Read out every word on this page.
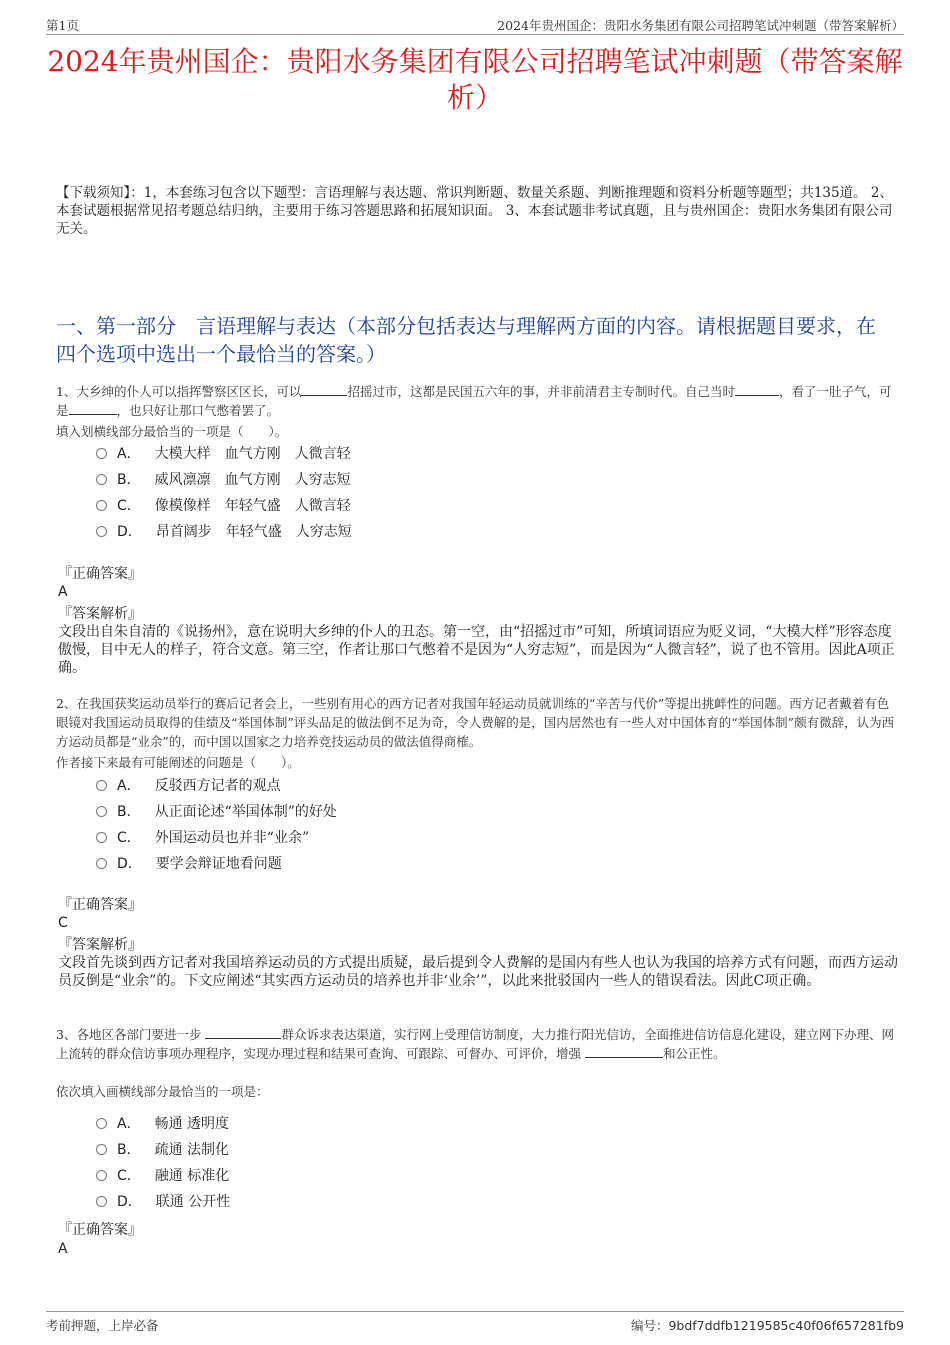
第1页	2024年贵州国企：贵阳水务集团有限公司招聘笔试冲刺题（带答案解析）
2024年贵州国企：贵阳水务集团有限公司招聘笔试冲刺题（带答案解析）
【下载须知】：1，本套练习包含以下题型：言语理解与表达题、常识判断题、数量关系题、判断推理题和资料分析题等题型；共135道。 2、本套试题根据常见招考题总结归纳，主要用于练习答题思路和拓展知识面。 3、本套试题非考试真题，且与贵州国企：贵阳水务集团有限公司无关。
一、第一部分　言语理解与表达（本部分包括表达与理解两方面的内容。请根据题目要求，在四个选项中选出一个最恰当的答案。）
1、大乡绅的仆人可以指挥警察区区长，可以	招摇过市，这都是民国五六年的事，并非前清君主专制时代。自己当时	，看了一肚子气，可是	，也只好让那口气憋着罢了。
填入划横线部分最恰当的一项是（　　）。
A． 大模大样　血气方刚　人微言轻
B． 威风凛凛　血气方刚　人穷志短
C． 像模像样　年轻气盛　人微言轻
D． 昂首阔步　年轻气盛　人穷志短
『正确答案』
A
『答案解析』
文段出自朱自清的《说扬州》，意在说明大乡绅的仆人的丑态。第一空，由“招摇过市”可知，所填词语应为贬义词，“大模大样”形容态度傲慢，目中无人的样子，符合文意。第三空，作者让那口气憋着不是因为“人穷志短”，而是因为“人微言轻”，说了也不管用。因此A项正确。
2、在我国获奖运动员举行的赛后记者会上，一些别有用心的西方记者对我国年轻运动员就训练的“辛苦与代价”等提出挑衅性的问题。西方记者戴着有色眼镜对我国运动员取得的佳绩及“举国体制”评头品足的做法倒不足为奇，令人费解的是，国内居然也有一些人对中国体育的“举国体制”颇有微辞，认为西方运动员都是“业余”的，而中国以国家之力培养竞技运动员的做法值得商榷。
作者接下来最有可能阐述的问题是（　　）。
A． 反驳西方记者的观点
B． 从正面论述“举国体制”的好处
C． 外国运动员也并非“业余”
D． 要学会辩证地看问题
『正确答案』
C
『答案解析』
文段首先谈到西方记者对我国培养运动员的方式提出质疑，最后提到令人费解的是国内有些人也认为我国的培养方式有问题，而西方运动员反倒是“业余”的。下文应阐述“其实西方运动员的培养也并非‘业余’”，以此来批驳国内一些人的错误看法。因此C项正确。
3、各地区各部门要进一步	群众诉求表达渠道，实行网上受理信访制度，大力推行阳光信访，全面推进信访信息化建设，建立网下办理、网上流转的群众信访事项办理程序，实现办理过程和结果可查询、可跟踪、可督办、可评价，增强	和公正性。
依次填入画横线部分最恰当的一项是：
A． 畅通 透明度
B． 疏通 法制化
C． 融通 标准化
D． 联通 公开性
『正确答案』
A
考前押题，上岸必备	编号：9bdf7ddfb1219585c40f06f657281fb9
